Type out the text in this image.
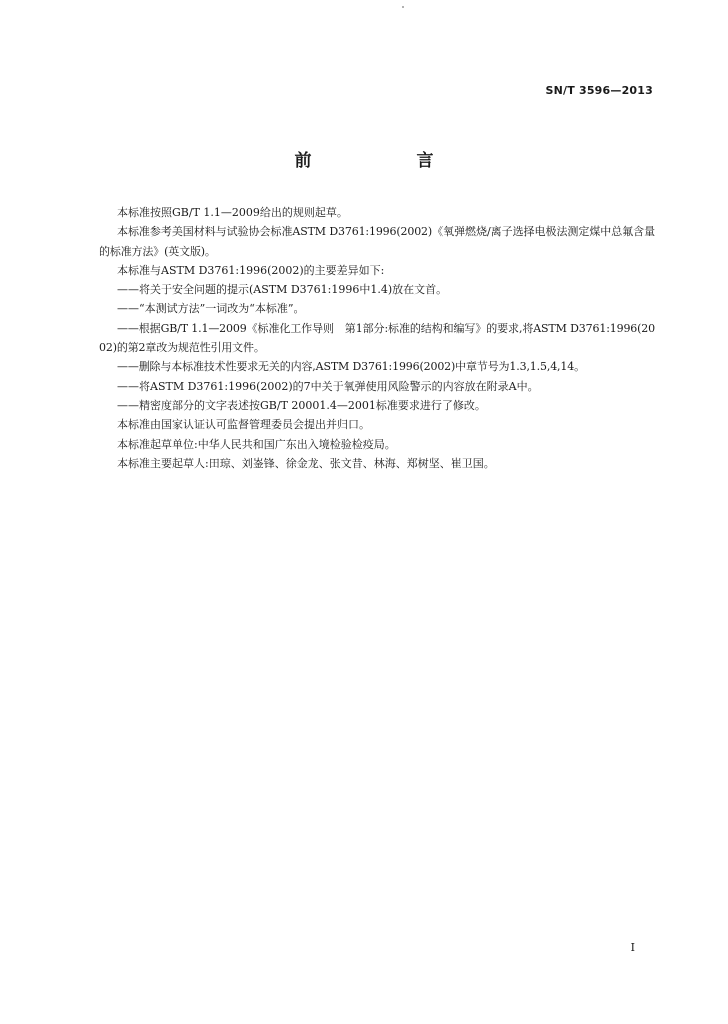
SN/T 3596—2013
前　言

本标准按照GB/T 1.1—2009给出的规则起草。

本标准参考美国材料与试验协会标准ASTM D3761:1996(2002)《氧弹燃烧/离子选择电极法测定煤中总氟含量的标准方法》(英文版)。

本标准与ASTM D3761:1996(2002)的主要差异如下:

——将关于安全问题的提示(ASTM D3761:1996中1.4)放在文首。

——“本测试方法”一词改为“本标准”。

——根据GB/T 1.1—2009《标准化工作导则　第1部分:标准的结构和编写》的要求,将ASTM D3761:1996(2002)的第2章改为规范性引用文件。

——删除与本标准技术性要求无关的内容,ASTM D3761:1996(2002)中章节号为1.3,1.5,4,14。

——将ASTM D3761:1996(2002)的7中关于氧弹使用风险警示的内容放在附录A中。

——精密度部分的文字表述按GB/T 20001.4—2001标准要求进行了修改。

本标准由国家认证认可监督管理委员会提出并归口。

本标准起草单位:中华人民共和国广东出入境检验检疫局。

本标准主要起草人:田琼、刘崟锋、徐金龙、张文昔、林海、郑树坚、崔卫国。

I
